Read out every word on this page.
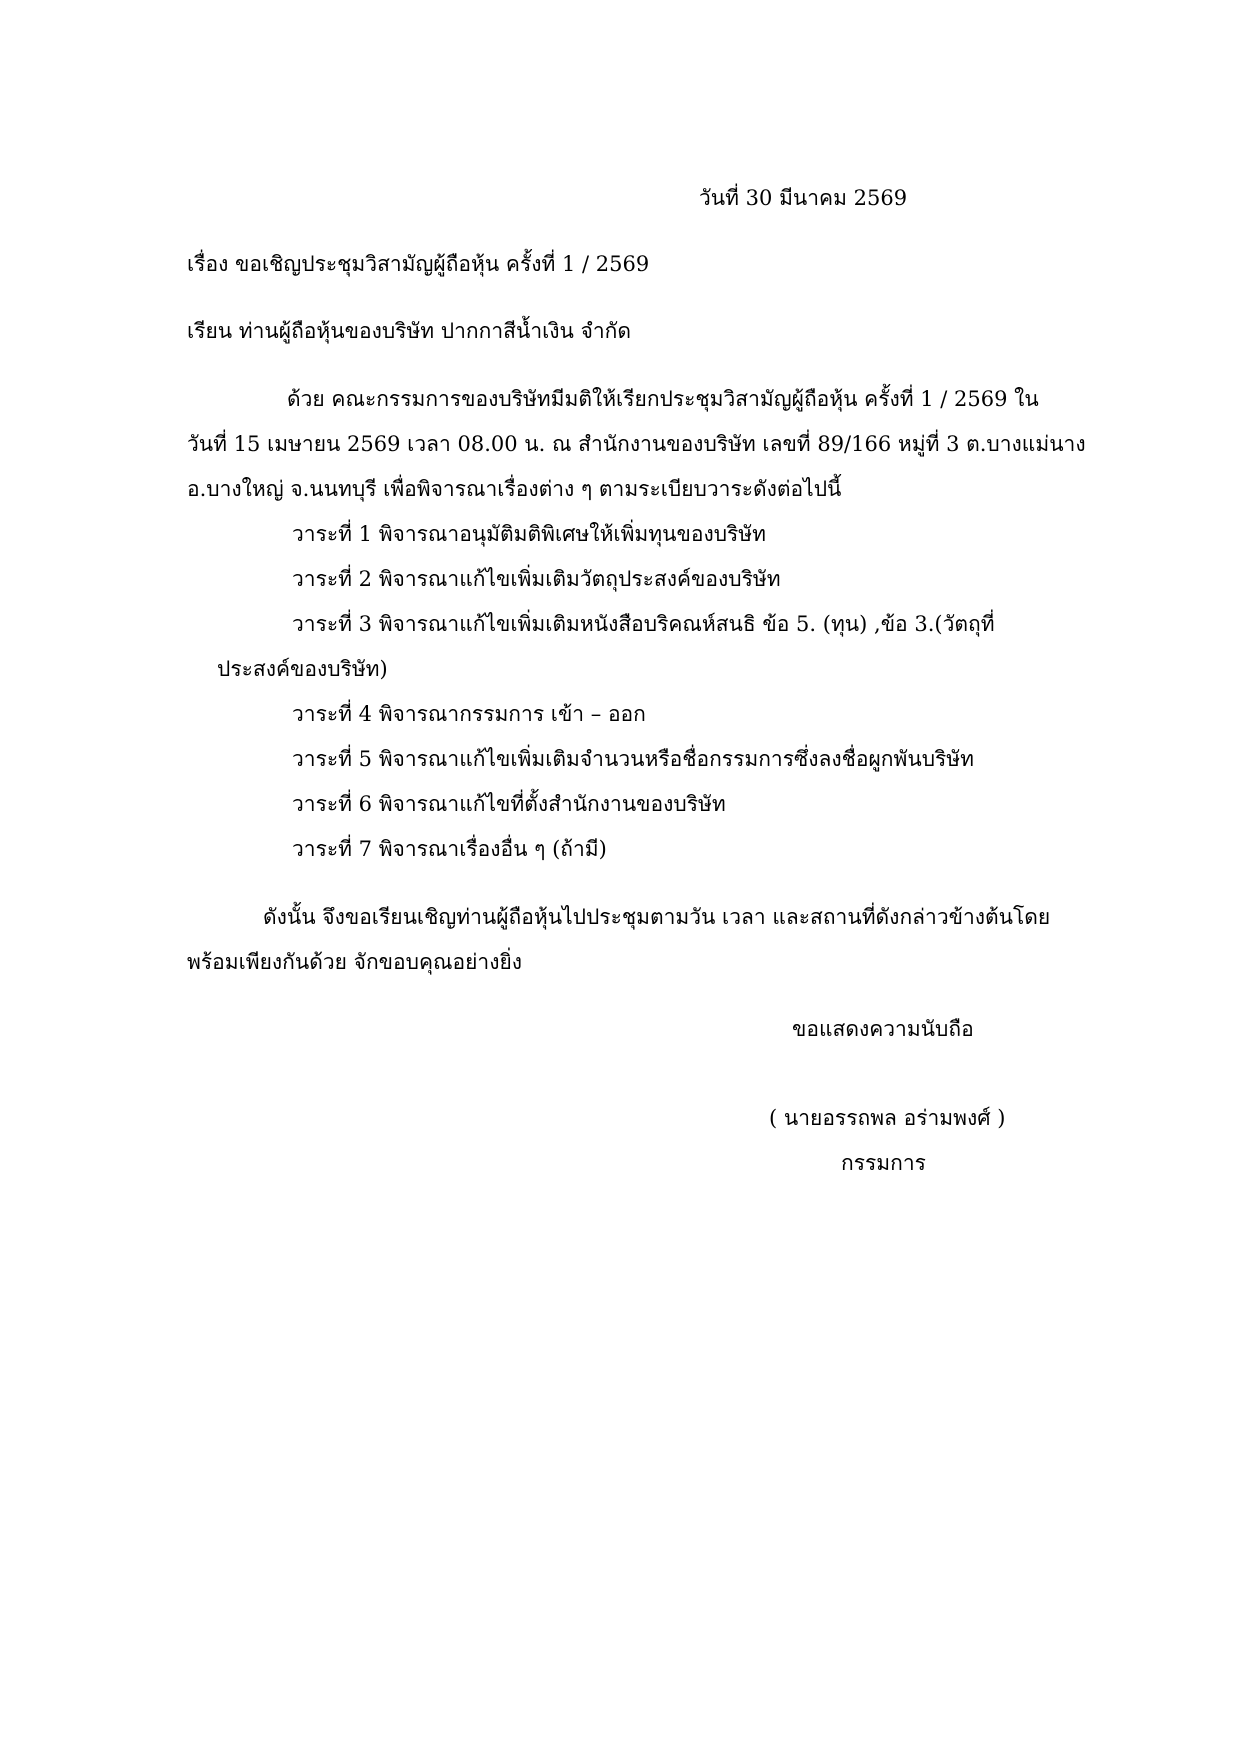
วันที่ 30 มีนาคม 2569
เรื่อง ขอเชิญประชุมวิสามัญผู้ถือหุ้น ครั้งที่ 1 / 2569
เรียน ท่านผู้ถือหุ้นของบริษัท ปากกาสีน้ำเงิน จำกัด
ด้วย คณะกรรมการของบริษัทมีมติให้เรียกประชุมวิสามัญผู้ถือหุ้น ครั้งที่ 1 / 2569 ใน
วันที่ 15 เมษายน 2569 เวลา 08.00 น. ณ สำนักงานของบริษัท เลขที่ 89/166 หมู่ที่ 3 ต.บางแม่นาง
อ.บางใหญ่ จ.นนทบุรี เพื่อพิจารณาเรื่องต่าง ๆ ตามระเบียบวาระดังต่อไปนี้
วาระที่ 1 พิจารณาอนุมัติมติพิเศษให้เพิ่มทุนของบริษัท
วาระที่ 2 พิจารณาแก้ไขเพิ่มเติมวัตถุประสงค์ของบริษัท
วาระที่ 3 พิจารณาแก้ไขเพิ่มเติมหนังสือบริคณห์สนธิ ข้อ 5. (ทุน) ,ข้อ 3.(วัตถุที่
ประสงค์ของบริษัท)
วาระที่ 4 พิจารณากรรมการ เข้า – ออก
วาระที่ 5 พิจารณาแก้ไขเพิ่มเติมจำนวนหรือชื่อกรรมการซึ่งลงชื่อผูกพันบริษัท
วาระที่ 6 พิจารณาแก้ไขที่ตั้งสำนักงานของบริษัท
วาระที่ 7 พิจารณาเรื่องอื่น ๆ (ถ้ามี)
ดังนั้น จึงขอเรียนเชิญท่านผู้ถือหุ้นไปประชุมตามวัน เวลา และสถานที่ดังกล่าวข้างต้นโดย
พร้อมเพียงกันด้วย จักขอบคุณอย่างยิ่ง
ขอแสดงความนับถือ
( นายอรรถพล อร่ามพงศ์ )
กรรมการ
